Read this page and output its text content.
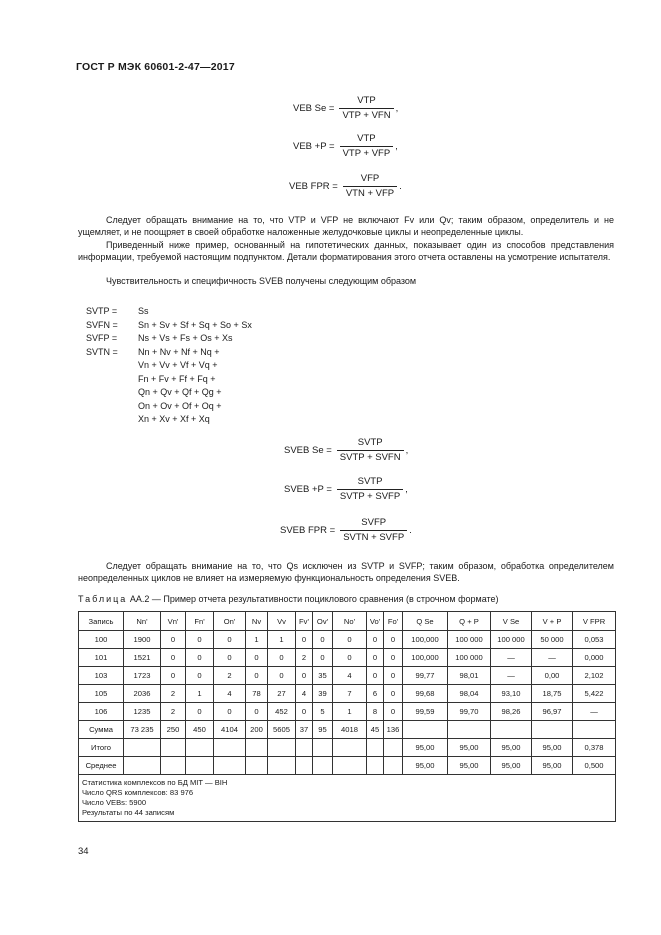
ГОСТ Р МЭК 60601-2-47—2017
VEB $Se = \frac{\text{VTP}}{\text{VTP + VFN}}$ ,
VEB $+P = \frac{\text{VTP}}{\text{VTP + VFP}}$ ,
VEB FPR = $\frac{\text{VFP}}{\text{VTN + VFP}}$ .
Следует обращать внимание на то, что VTP и VFP не включают Fv или Qv; таким образом, определитель и не ущемляет, и не поощряет в своей обработке наложенные желудочковые циклы и неопределенные циклы.
Приведенный ниже пример, основанный на гипотетических данных, показывает один из способов представления информации, требуемой настоящим подпунктом. Детали форматирования этого отчета оставлены на усмотрение испытателя.
Чувствительность и специфичность SVEB получены следующим образом
SVTP =	Ss
SVFN =	Sn + Sv + Sf + Sq + So + Sx
SVFP =	Ns + Vs + Fs + Os + Xs
SVTN =	Nn + Nv + Nf + Nq +
Vn + Vv + Vf + Vq +
Fn + Fv + Ff + Fq +
Qn + Qv + Qf + Qg +
On + Ov + Of + Oq +
Xn + Xv + Xf + Xq
SVEB $Se = \frac{\text{SVTP}}{\text{SVTP + SVFN}}$ ,
SVEB $+P = \frac{\text{SVTP}}{\text{SVTP + SVFP}}$ ,
SVEB FPR = $\frac{\text{SVFP}}{\text{SVTN + SVFP}}$ .
Следует обращать внимание на то, что Qs исключен из SVTP и SVFP; таким образом, обработка определителем неопределенных циклов не влияет на измеряемую функциональность определения SVEB.
Таблица АА.2 — Пример отчета результативности поциклового сравнения (в строчном формате)
Запись	Nn'	Vn'	Fn'	On'	Nv	Vv	Fv'	Ov'	No'	Vo'	Fo'	Q Se	Q + P	V Se	V + P	V FPR
100	1900	0	0	0	1	1	0	0	0	0	0	100,000	100 000	100 000	50 000	0,053
101	1521	0	0	0	0	0	2	0	0	0	0	100,000	100 000	—	—	0,000
103	1723	0	0	2	0	0	0	35	4	0	0	99,77	98,01	—	0,00	2,102
105	2036	2	1	4	78	27	4	39	7	6	0	99,68	98,04	93,10	18,75	5,422
106	1235	2	0	0	0	452	0	5	1	8	0	99,59	99,70	98,26	96,97	—
Сумма	73 235	250	450	4104	200	5605	37	95	4018	45	136					
Итого												95,00	95,00	95,00	95,00	0,378
Среднее												95,00	95,00	95,00	95,00	0,500

Статистика комплексов по БД MIT — BIH
Число QRS комплексов: 83 976
Число VEBs: 5900
Результаты по 44 записям																
34
